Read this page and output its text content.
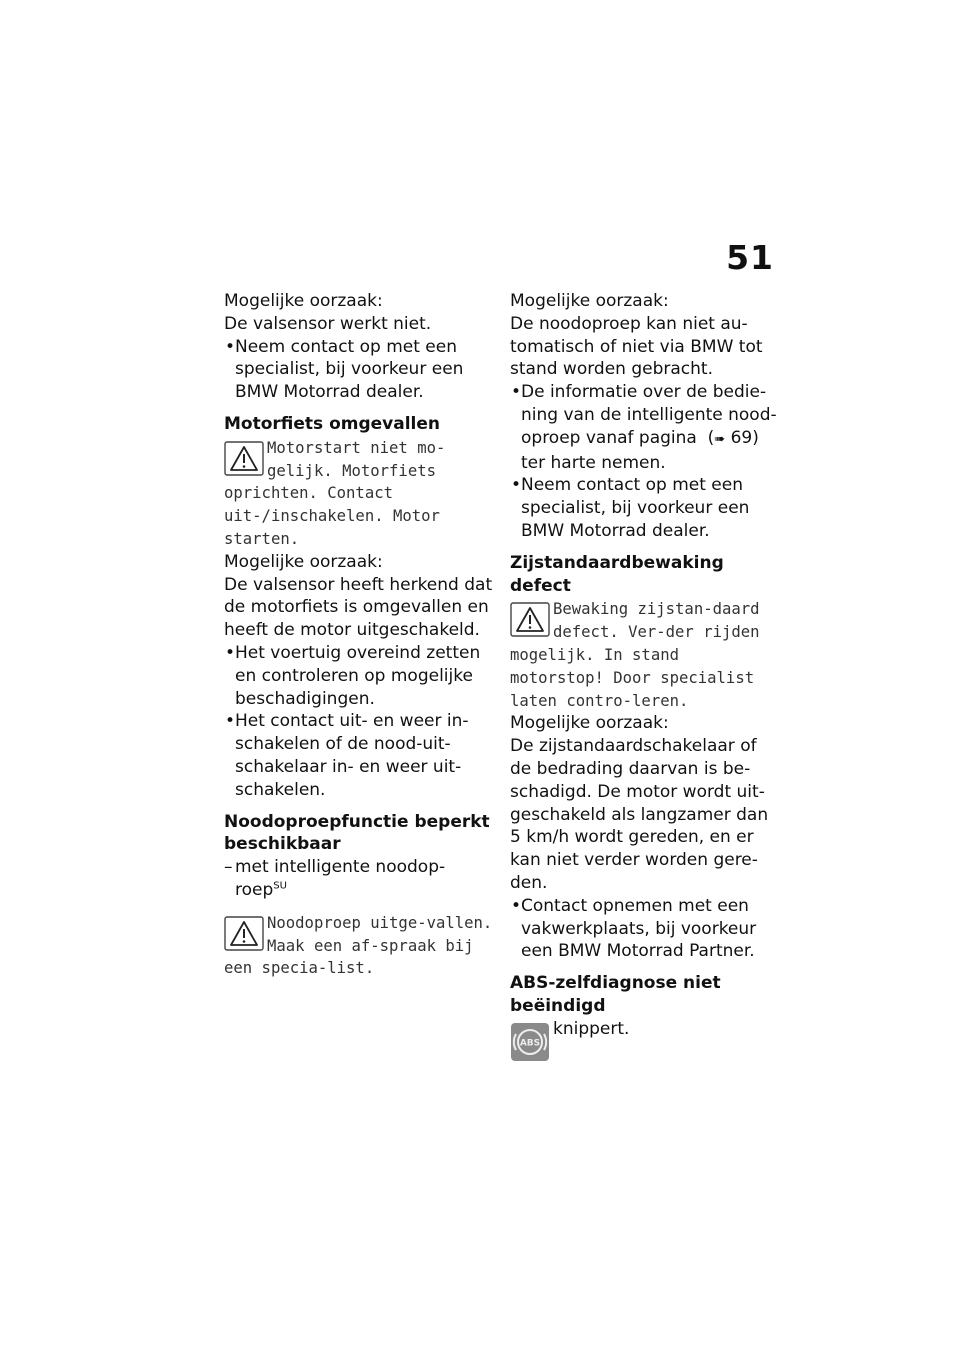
51

Mogelijke oorzaak:

De valsensor werkt niet.

• Neem contact op met een specialist, bij voorkeur een BMW Motorrad dealer.

Motorfiets omgevallen

Motorstart niet mo-gelijk. Motorfiets oprichten. Contact uit-/inschakelen. Motor starten.

Mogelijke oorzaak:

De valsensor heeft herkend dat de motorfiets is omgevallen en heeft de motor uitgeschakeld.

• Het voertuig overeind zetten en controleren op mogelijke beschadigingen.

• Het contact uit- en weer in-schakelen of de nood-uit-schakelaar in- en weer uit-schakelen.

Noodoproepfunctie beperkt beschikbaar

– met intelligente noodop-roep$^{SU}$

Noodoproep uitge-vallen. Maak een af-spraak bij een specia-list.

Mogelijke oorzaak:

De noodoproep kan niet au-tomatisch of niet via BMW tot stand worden gebracht.

• De informatie over de bedie-ning van de intelligente nood-oproep vanaf pagina  (➠ 69) ter harte nemen.

• Neem contact op met een specialist, bij voorkeur een BMW Motorrad dealer.

Zijstandaardbewaking defect

Bewaking zijstan-daard defect. Ver-der rijden mogelijk. In stand motorstop! Door specialist laten contro-leren.

Mogelijke oorzaak:

De zijstandaardschakelaar of de bedrading daarvan is be-schadigd. De motor wordt uit-geschakeld als langzamer dan 5 km/h wordt gereden, en er kan niet verder worden gere-den.

• Contact opnemen met een vakwerkplaats, bij voorkeur een BMW Motorrad Partner.

ABS-zelfdiagnose niet beëindigd

ABS
knippert.
